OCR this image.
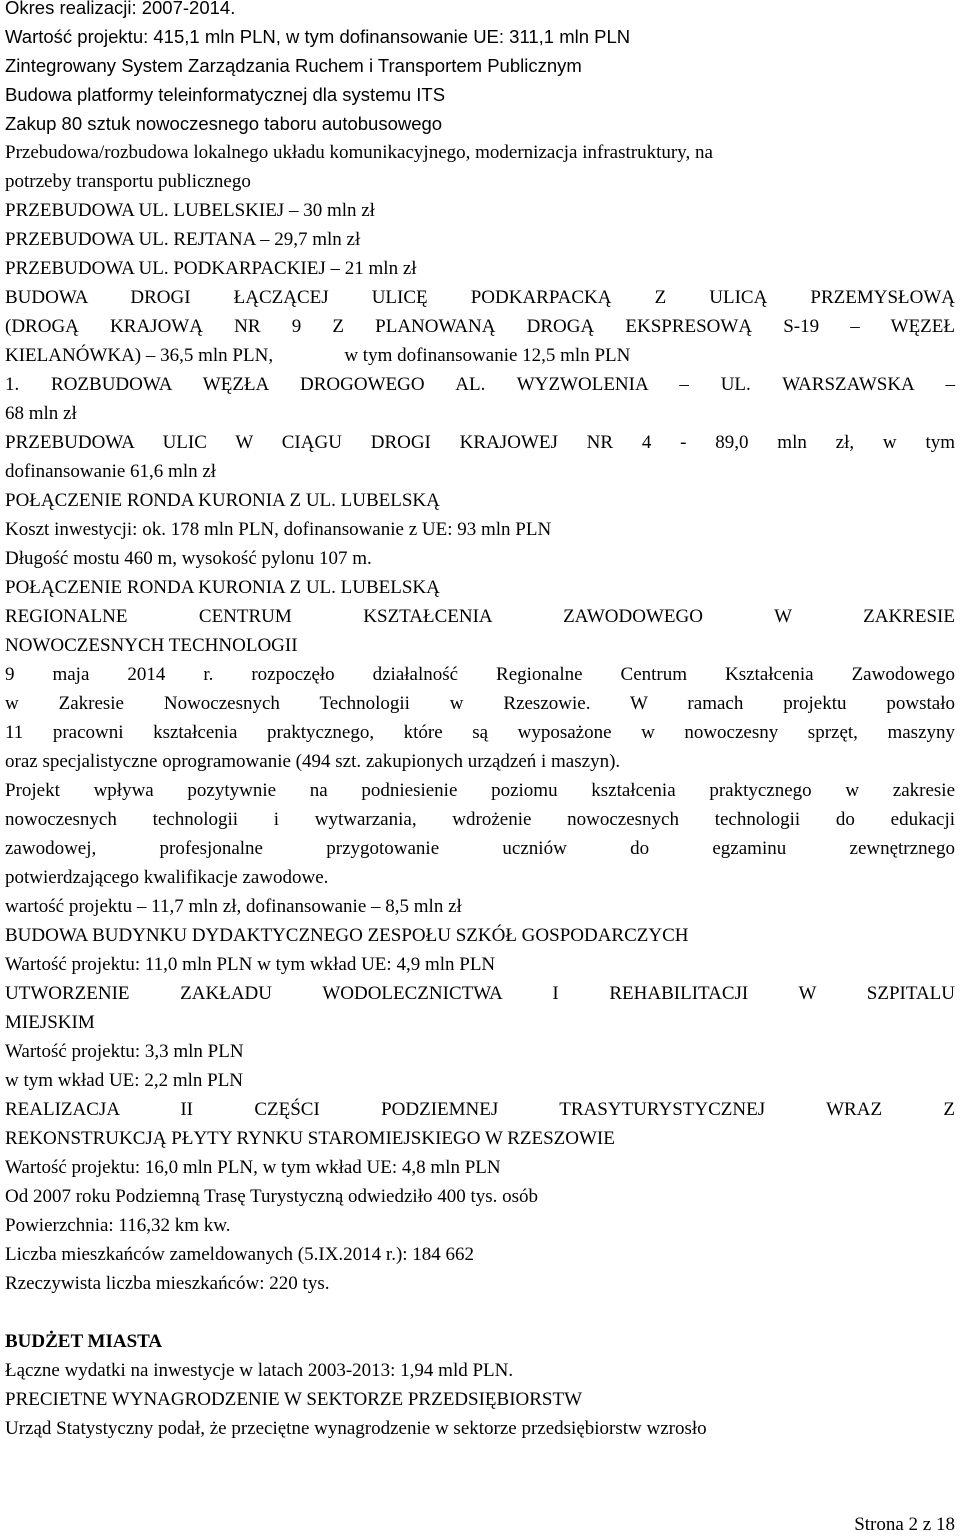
Okres realizacji: 2007-2014.
Wartość projektu: 415,1 mln PLN, w tym dofinansowanie UE: 311,1 mln PLN
Zintegrowany System Zarządzania Ruchem i Transportem Publicznym
Budowa platformy teleinformatycznej dla systemu ITS
Zakup 80 sztuk nowoczesnego taboru autobusowego
Przebudowa/rozbudowa lokalnego układu komunikacyjnego, modernizacja infrastruktury, na
potrzeby transportu publicznego
PRZEBUDOWA UL. LUBELSKIEJ – 30 mln zł
PRZEBUDOWA UL. REJTANA – 29,7 mln zł
PRZEBUDOWA UL. PODKARPACKIEJ – 21 mln zł
BUDOWA DROGI ŁĄCZĄCEJ ULICĘ PODKARPACKĄ Z ULICĄ PRZEMYSŁOWĄ
(DROGĄ KRAJOWĄ NR 9 Z PLANOWANĄ DROGĄ EKSPRESOWĄ S-19 – WĘZEŁ
KIELANÓWKA) – 36,5 mln PLN,               w tym dofinansowanie 12,5 mln PLN
1. ROZBUDOWA WĘZŁA DROGOWEGO AL. WYZWOLENIA – UL. WARSZAWSKA –
68 mln zł
PRZEBUDOWA ULIC W CIĄGU DROGI KRAJOWEJ NR 4 - 89,0 mln zł, w tym
dofinansowanie 61,6 mln zł
POŁĄCZENIE RONDA KURONIA Z UL. LUBELSKĄ
Koszt inwestycji: ok. 178 mln PLN, dofinansowanie z UE: 93 mln PLN
Długość mostu 460 m, wysokość pylonu 107 m.
POŁĄCZENIE RONDA KURONIA Z UL. LUBELSKĄ
REGIONALNE CENTRUM KSZTAŁCENIA ZAWODOWEGO W ZAKRESIE
NOWOCZESNYCH TECHNOLOGII
9 maja 2014 r. rozpoczęło działalność Regionalne Centrum Kształcenia Zawodowego
w Zakresie Nowoczesnych Technologii w Rzeszowie. W ramach projektu powstało
11 pracowni kształcenia praktycznego, które są wyposażone w nowoczesny sprzęt, maszyny
oraz specjalistyczne oprogramowanie (494 szt. zakupionych urządzeń i maszyn).
Projekt wpływa pozytywnie na podniesienie poziomu kształcenia praktycznego w zakresie
nowoczesnych technologii i wytwarzania, wdrożenie nowoczesnych technologii do edukacji
zawodowej, profesjonalne przygotowanie uczniów do egzaminu zewnętrznego
potwierdzającego kwalifikacje zawodowe.
wartość projektu – 11,7 mln zł, dofinansowanie – 8,5 mln zł
BUDOWA BUDYNKU DYDAKTYCZNEGO ZESPOŁU SZKÓŁ GOSPODARCZYCH
Wartość projektu: 11,0 mln PLN w tym wkład UE: 4,9 mln PLN
UTWORZENIE ZAKŁADU WODOLECZNICTWA I REHABILITACJI W SZPITALU
MIEJSKIM
Wartość projektu: 3,3 mln PLN
w tym wkład UE: 2,2 mln PLN
REALIZACJA II CZĘŚCI PODZIEMNEJ TRASYTURYSTYCZNEJ WRAZ Z
REKONSTRUKCJĄ PŁYTY RYNKU STAROMIEJSKIEGO W RZESZOWIE
Wartość projektu: 16,0 mln PLN, w tym wkład UE: 4,8 mln PLN
Od 2007 roku Podziemną Trasę Turystyczną odwiedziło 400 tys. osób
Powierzchnia: 116,32 km kw.
Liczba mieszkańców zameldowanych (5.IX.2014 r.): 184 662
Rzeczywista liczba mieszkańców: 220 tys.
BUDŻET MIASTA
Łączne wydatki na inwestycje w latach 2003-2013: 1,94 mld PLN.
PRECIETNE WYNAGRODZENIE W SEKTORZE PRZEDSIĘBIORSTW
Urząd Statystyczny podał, że przeciętne wynagrodzenie w sektorze przedsiębiorstw wzrosło
Strona 2 z 18
